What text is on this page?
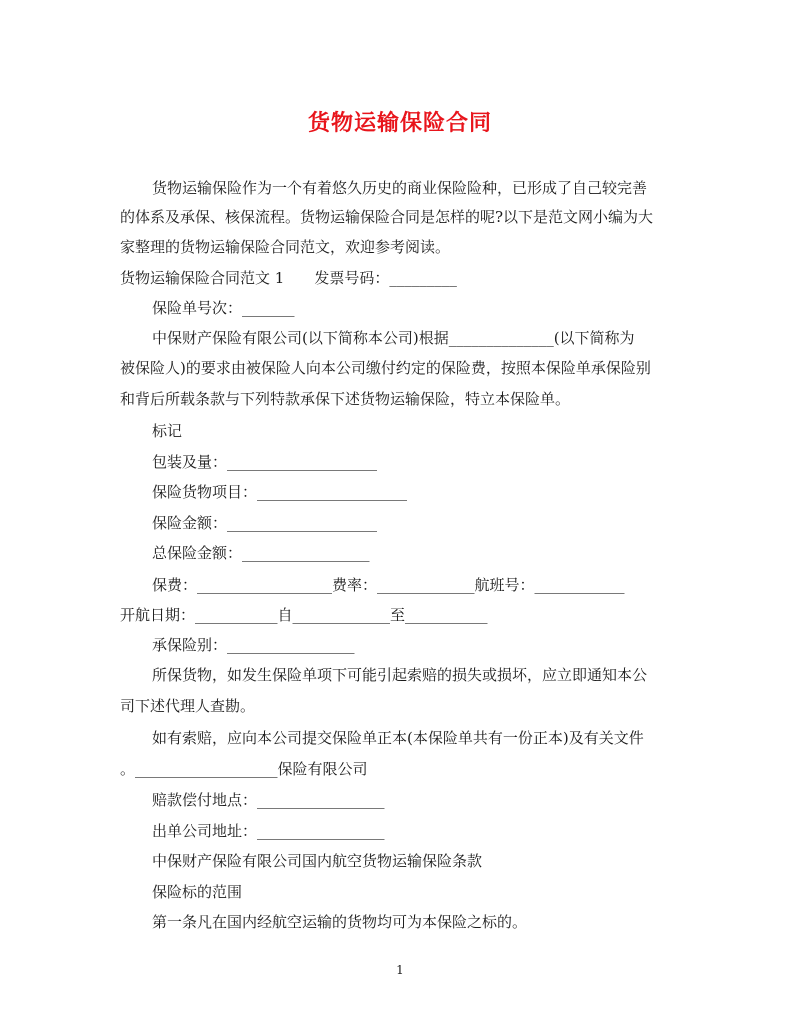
货物运输保险合同
货物运输保险作为一个有着悠久历史的商业保险险种，已形成了自己较完善
的体系及承保、核保流程。货物运输保险合同是怎样的呢?以下是范文网小编为大
家整理的货物运输保险合同范文，欢迎参考阅读。
货物运输保险合同范文 1　　发票号码：_________
保险单号次：_______
中保财产保险有限公司(以下简称本公司)根据______________(以下简称为
被保险人)的要求由被保险人向本公司缴付约定的保险费，按照本保险单承保险别
和背后所载条款与下列特款承保下述货物运输保险，特立本保险单。
标记
包装及量：____________________
保险货物项目：____________________
保险金额：____________________
总保险金额：_________________
保费：__________________费率：_____________航班号：____________
开航日期：___________自_____________至___________
承保险别：_________________
所保货物，如发生保险单项下可能引起索赔的损失或损坏，应立即通知本公
司下述代理人查勘。
如有索赔，应向本公司提交保险单正本(本保险单共有一份正本)及有关文件
。___________________保险有限公司
赔款偿付地点：_________________
出单公司地址：_________________
中保财产保险有限公司国内航空货物运输保险条款
保险标的范围
第一条凡在国内经航空运输的货物均可为本保险之标的。
1
